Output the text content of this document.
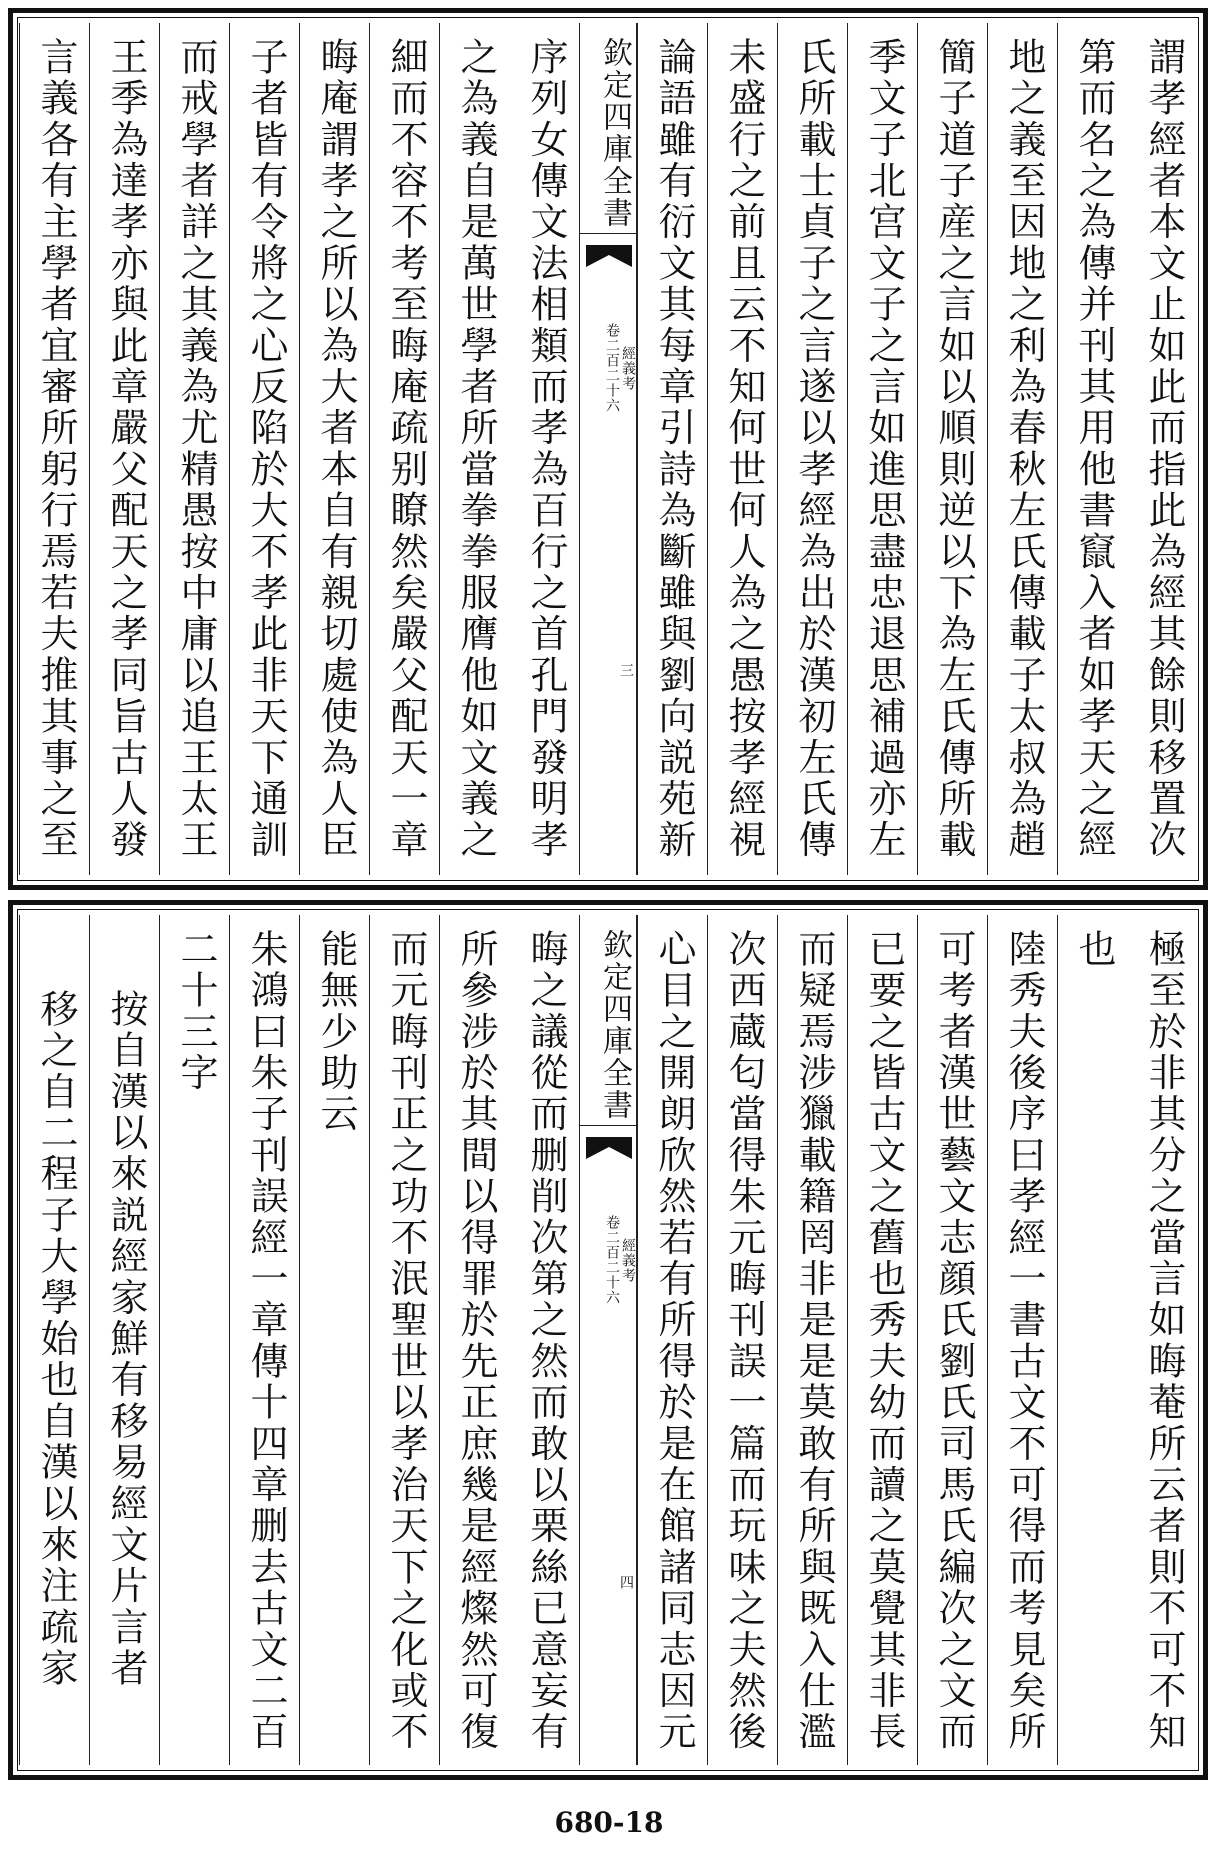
謂孝經者本文止如此而指此為經其餘則移置次
第而名之為傳并刊其用他書竄入者如孝天之經
地之義至因地之利為春秋左氏傳載子太叔為趙
簡子道子産之言如以順則逆以下為左氏傳所載
季文子北宫文子之言如進思盡忠退思補過亦左
氏所載士貞子之言遂以孝經為出於漢初左氏傳
未盛行之前且云不知何世何人為之愚按孝經視
論語雖有衍文其每章引詩為斷雖與劉向説苑新
欽定四庫全書
經義考
卷二百二十六
三
序列女傳文法相類而孝為百行之首孔門發明孝
之為義自是萬世學者所當拳拳服膺他如文義之
細而不容不考至晦庵疏别瞭然矣嚴父配天一章
晦庵謂孝之所以為大者本自有親切處使為人臣
子者皆有令將之心反陷於大不孝此非天下通訓
而戒學者詳之其義為尤精愚按中庸以追王太王
王季為達孝亦與此章嚴父配天之孝同旨古人發
言義各有主學者宜審所躬行焉若夫推其事之至
極至於非其分之當言如晦菴所云者則不可不知
也
陸秀夫後序曰孝經一書古文不可得而考見矣所
可考者漢世藝文志顔氏劉氏司馬氏編次之文而
已要之皆古文之舊也秀夫幼而讀之莫覺其非長
而疑焉涉獵載籍罔非是是莫敢有所與既入仕濫
次西蔵匂當得朱元晦刊誤一篇而玩味之夫然後
心目之開朗欣然若有所得於是在館諸同志因元
欽定四庫全書
經義考
卷二百二十六
四
晦之議從而删削次第之然而敢以栗絲已意妄有
所參涉於其間以得罪於先正庶幾是經燦然可復
而元晦刊正之功不泯聖世以孝治天下之化或不
能無少助云
朱鴻曰朱子刊誤經一章傳十四章删去古文二百
二十三字
按自漢以來説經家鮮有移易經文片言者
移之自二程子大學始也自漢以來注疏家
680-18
